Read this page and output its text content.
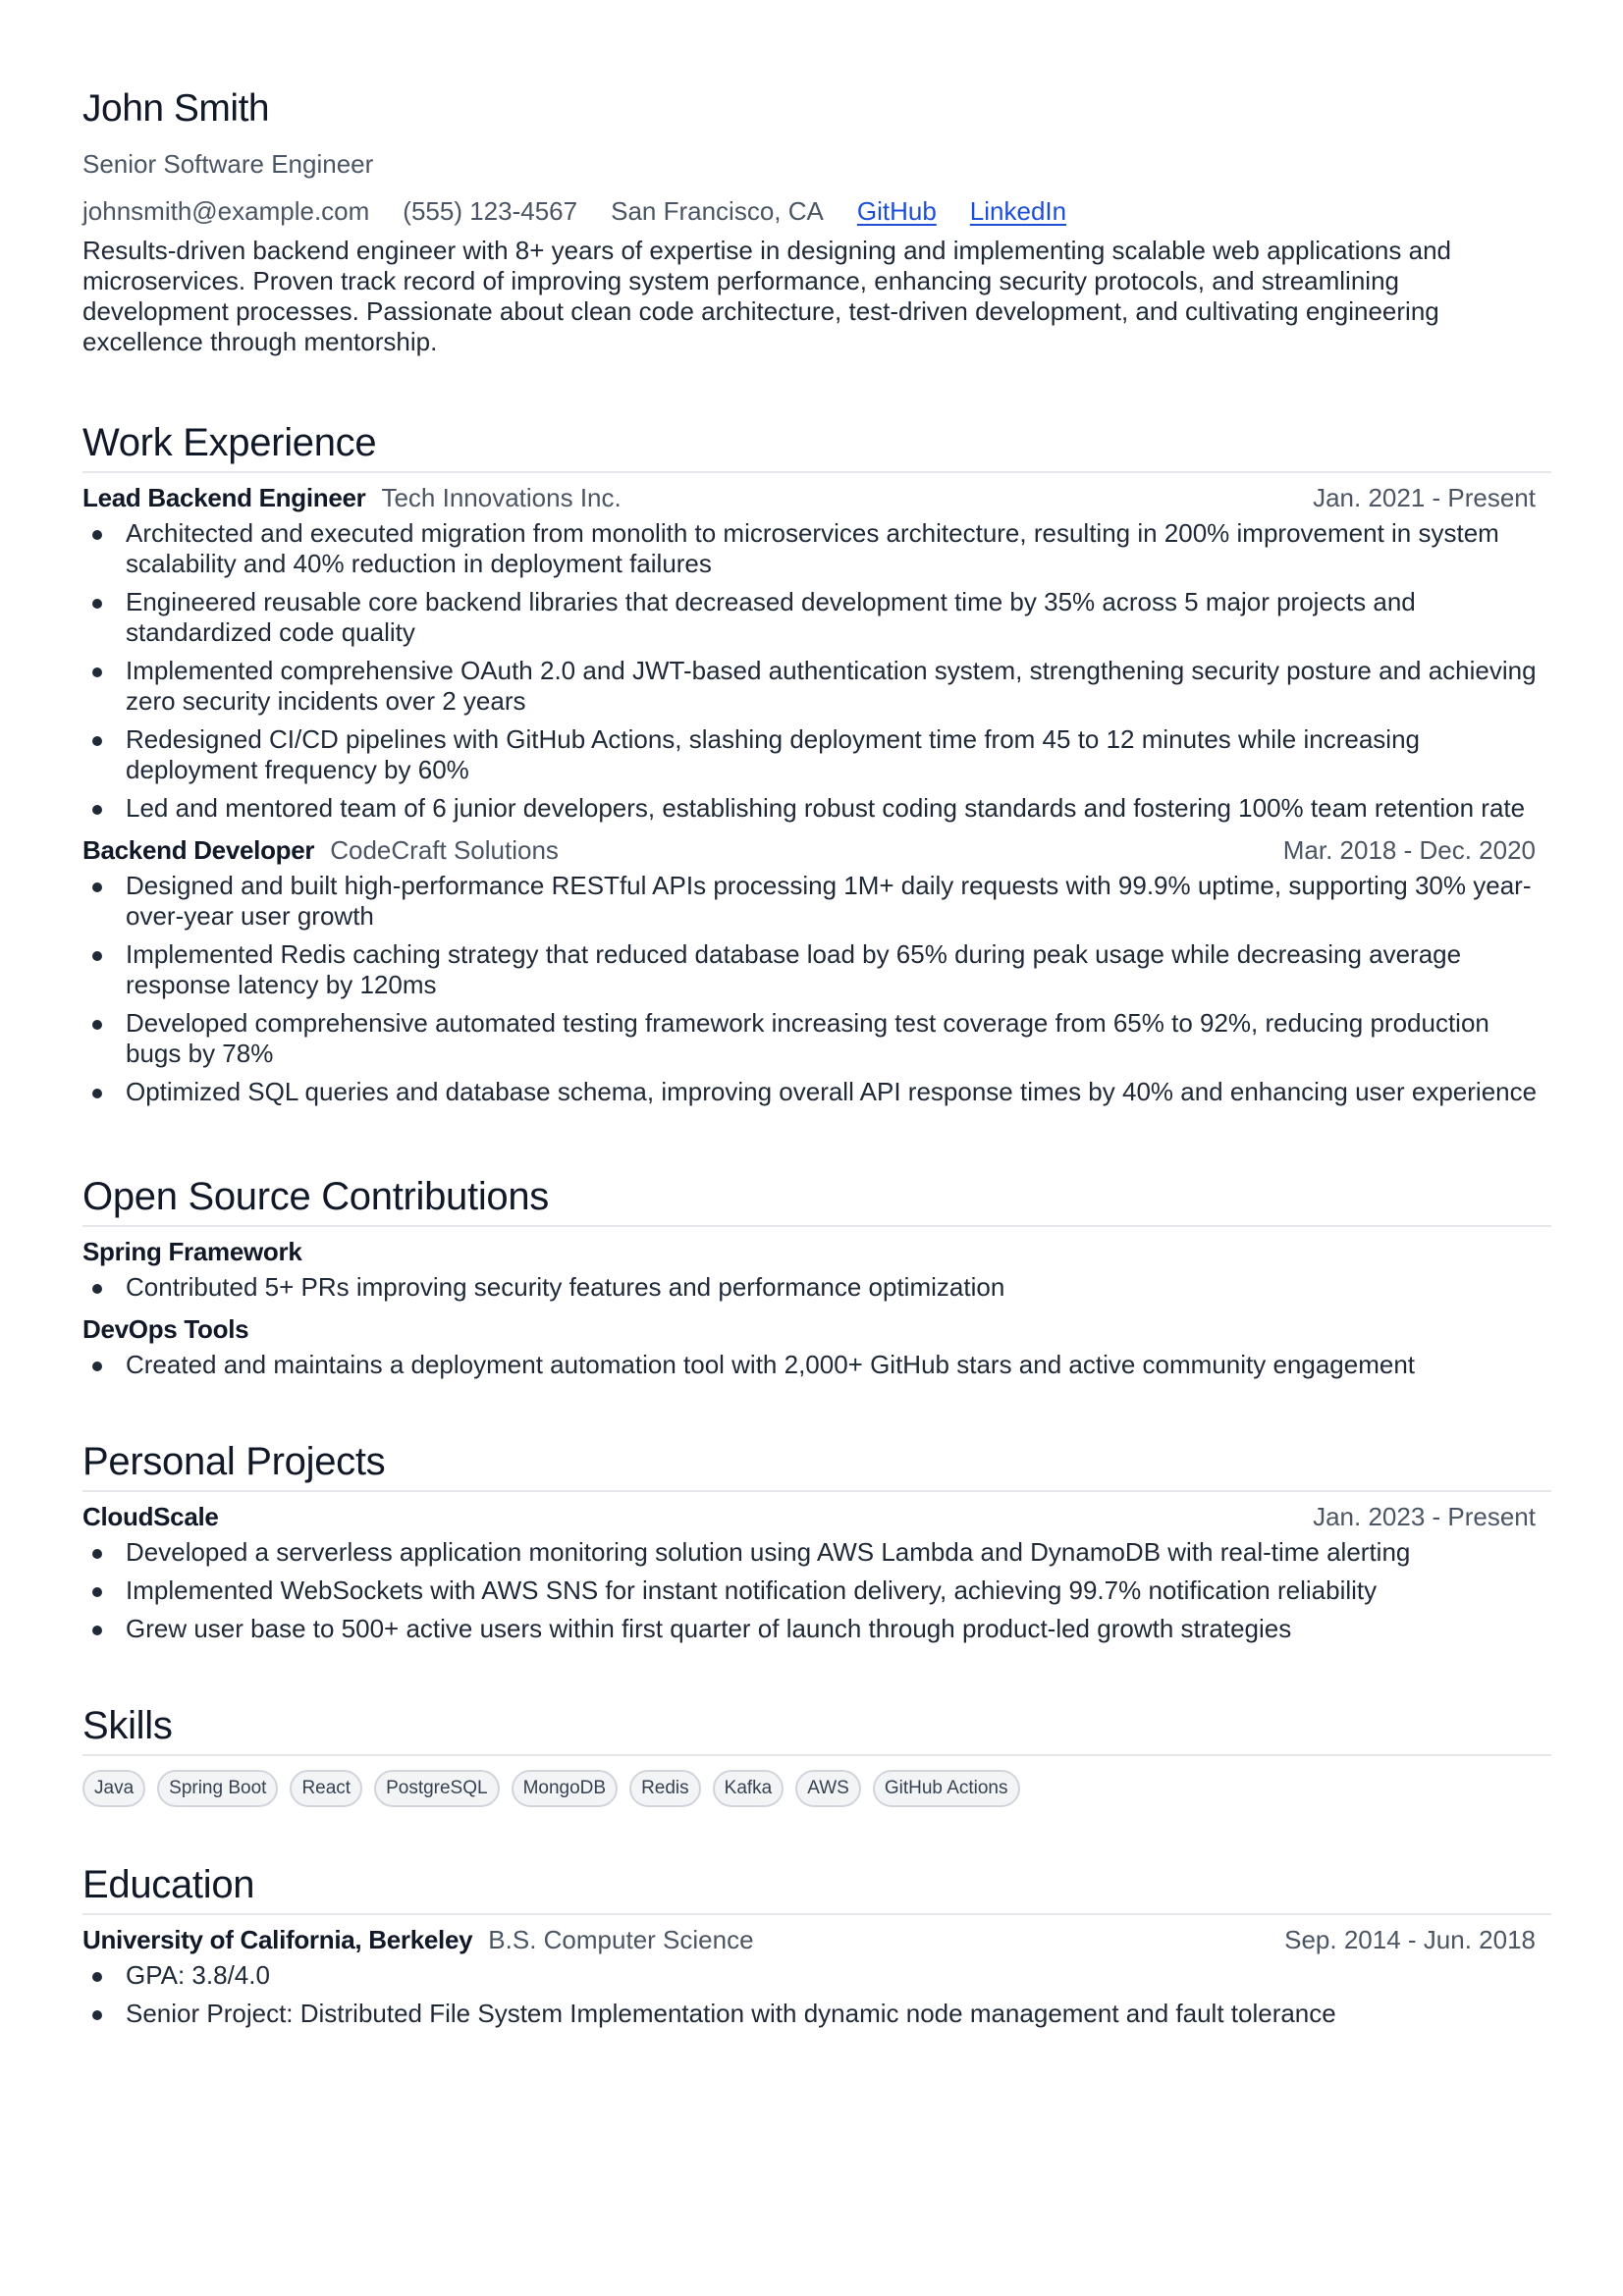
John Smith
Senior Software Engineer
johnsmith@example.com (555) 123-4567 San Francisco, CA GitHub LinkedIn
Results-driven backend engineer with 8+ years of expertise in designing and implementing scalable web applications and microservices. Proven track record of improving system performance, enhancing security protocols, and streamlining development processes. Passionate about clean code architecture, test-driven development, and cultivating engineering excellence through mentorship.
Work Experience
Lead Backend Engineer Tech Innovations Inc.	Jan. 2021 - Present
Architected and executed migration from monolith to microservices architecture, resulting in 200% improvement in system scalability and 40% reduction in deployment failures
Engineered reusable core backend libraries that decreased development time by 35% across 5 major projects and standardized code quality
Implemented comprehensive OAuth 2.0 and JWT-based authentication system, strengthening security posture and achieving zero security incidents over 2 years
Redesigned CI/CD pipelines with GitHub Actions, slashing deployment time from 45 to 12 minutes while increasing deployment frequency by 60%
Led and mentored team of 6 junior developers, establishing robust coding standards and fostering 100% team retention rate
Backend Developer CodeCraft Solutions	Mar. 2018 - Dec. 2020
Designed and built high-performance RESTful APIs processing 1M+ daily requests with 99.9% uptime, supporting 30% year-over-year user growth
Implemented Redis caching strategy that reduced database load by 65% during peak usage while decreasing average response latency by 120ms
Developed comprehensive automated testing framework increasing test coverage from 65% to 92%, reducing production bugs by 78%
Optimized SQL queries and database schema, improving overall API response times by 40% and enhancing user experience
Open Source Contributions
Spring Framework
Contributed 5+ PRs improving security features and performance optimization
DevOps Tools
Created and maintains a deployment automation tool with 2,000+ GitHub stars and active community engagement
Personal Projects
CloudScale	Jan. 2023 - Present
Developed a serverless application monitoring solution using AWS Lambda and DynamoDB with real-time alerting
Implemented WebSockets with AWS SNS for instant notification delivery, achieving 99.7% notification reliability
Grew user base to 500+ active users within first quarter of launch through product-led growth strategies
Skills
Java	Spring Boot	React	PostgreSQL	MongoDB	Redis	Kafka	AWS	GitHub Actions
Education
University of California, Berkeley B.S. Computer Science	Sep. 2014 - Jun. 2018
GPA: 3.8/4.0
Senior Project: Distributed File System Implementation with dynamic node management and fault tolerance
